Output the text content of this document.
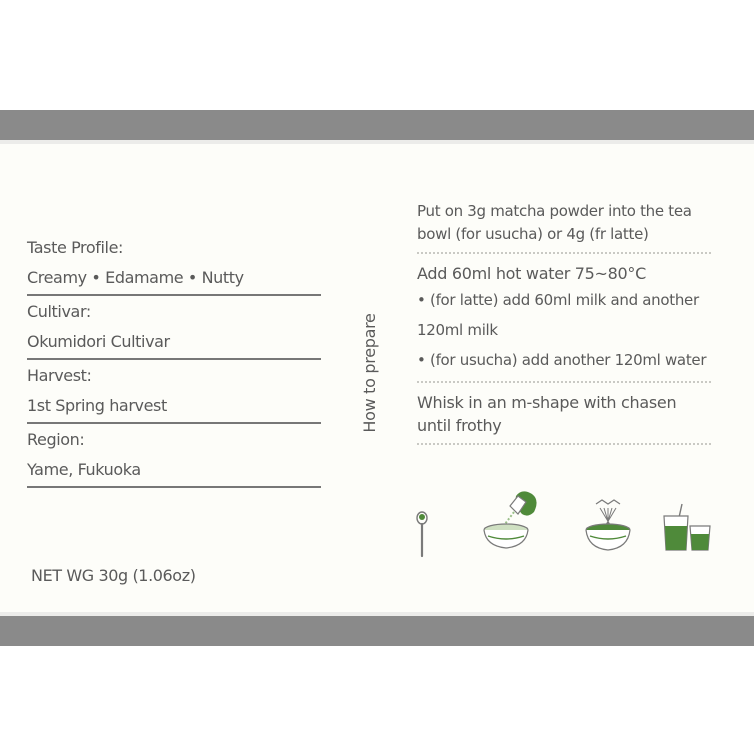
Taste Profile:
Creamy • Edamame • Nutty
Cultivar:
Okumidori Cultivar
Harvest:
1st Spring harvest
Region:
Yame, Fukuoka
NET WG 30g (1.06oz)
How to prepare
Put on 3g matcha powder into the tea bowl (for usucha) or 4g (fr latte)
Add 60ml hot water 75~80°C
• (for latte) add 60ml milk and another 120ml milk
• (for usucha) add another 120ml water
Whisk in an m-shape with chasen until frothy
